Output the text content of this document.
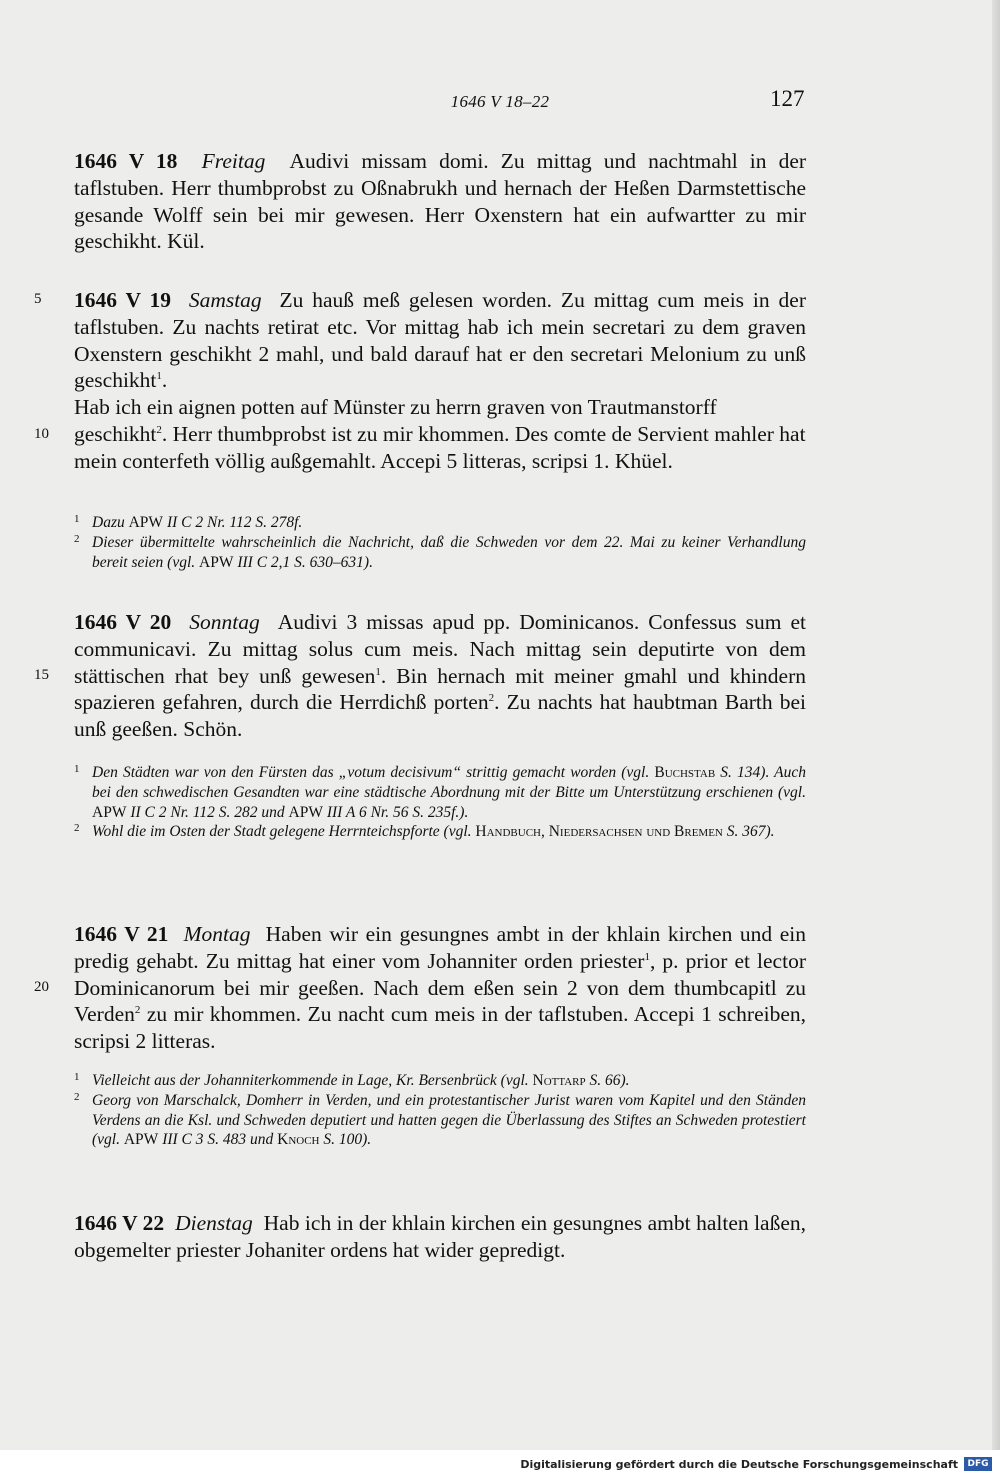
1646 V 18–22	127

1646 V 18 Freitag Audivi missam domi. Zu mittag und nachtmahl in der taflstuben. Herr thumbprobst zu Oßnabrukh und hernach der Heßen Darmstettische gesande Wolff sein bei mir gewesen. Herr Oxenstern hat ein aufwartter zu mir geschikht. Kül.

5	1646 V 19 Samstag Zu hauß meß gelesen worden. Zu mittag cum meis in der taflstuben. Zu nachts retirat etc. Vor mittag hab ich mein secretari zu dem graven Oxenstern geschikht 2 mahl, und bald darauf hat er den secretari Melonium zu unß geschikht$^1$.

Hab ich ein aignen potten auf Münster zu herrn graven von Trautmanstorff geschikht$^2$. Herr thumbprobst ist zu mir khommen. Des comte de Servient mahler hat mein conterfeth völlig außgemahlt. Accepi 5 litteras, scripsi 1. Khüel.

10
1 Dazu APW II C 2 Nr. 112 S. 278f.
2 Dieser übermittelte wahrscheinlich die Nachricht, daß die Schweden vor dem 22. Mai zu keiner Verhandlung bereit seien (vgl. APW III C 2,1 S. 630–631).

1646 V 20 Sonntag Audivi 3 missas apud pp. Dominicanos. Confessus sum et communicavi. Zu mittag solus cum meis. Nach mittag sein deputirte von dem stättischen rhat bey unß gewesen$^1$. Bin hernach mit meiner gmahl und khindern spazieren gefahren, durch die Herrdichß porten$^2$. Zu nachts hat haubtman Barth bei unß geeßen. Schön.

15
1 Den Städten war von den Fürsten das „votum decisivum“ strittig gemacht worden (vgl. Buchstab S. 134). Auch bei den schwedischen Gesandten war eine städtische Abordnung mit der Bitte um Unterstützung erschienen (vgl. APW II C 2 Nr. 112 S. 282 und APW III A 6 Nr. 56 S. 235f.).
2 Wohl die im Osten der Stadt gelegene Herrnteichspforte (vgl. Handbuch, Niedersachsen und Bremen S. 367).

1646 V 21 Montag Haben wir ein gesungnes ambt in der khlain kirchen und ein predig gehabt. Zu mittag hat einer vom Johanniter orden priester$^1$, p. prior et lector Dominicanorum bei mir geeßen. Nach dem eßen sein 2 von dem thumbcapitl zu Verden$^2$ zu mir khommen. Zu nacht cum meis in der taflstuben. Accepi 1 schreiben, scripsi 2 litteras.

20
1 Vielleicht aus der Johanniterkommende in Lage, Kr. Bersenbrück (vgl. Nottarp S. 66).
2 Georg von Marschalck, Domherr in Verden, und ein protestantischer Jurist waren vom Kapitel und den Ständen Verdens an die Ksl. und Schweden deputiert und hatten gegen die Überlassung des Stiftes an Schweden protestiert (vgl. APW III C 3 S. 483 und Knoch S. 100).

1646 V 22 Dienstag Hab ich in der khlain kirchen ein gesungnes ambt halten laßen, obgemelter priester Johaniter ordens hat wider gepredigt.

Digitalisierung gefördert durch die Deutsche Forschungsgemeinschaft	DFG
